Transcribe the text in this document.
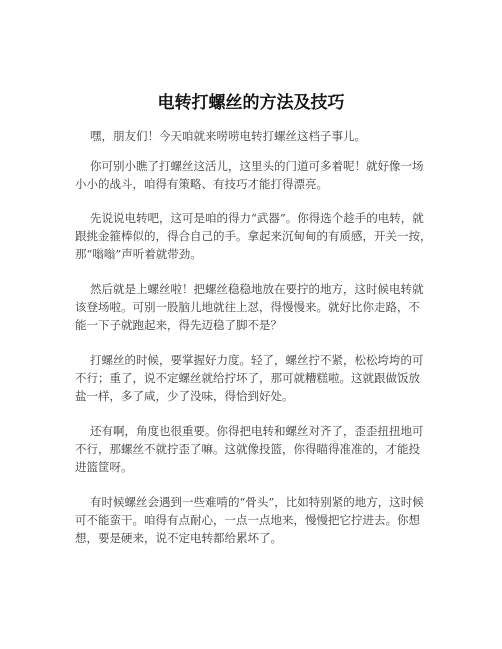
电转打螺丝的方法及技巧
嘿，朋友们！今天咱就来唠唠电转打螺丝这档子事儿。
你可别小瞧了打螺丝这活儿，这里头的门道可多着呢！就好像一场
小小的战斗，咱得有策略、有技巧才能打得漂亮。
先说说电转吧，这可是咱的得力“武器”。你得选个趁手的电转，就
跟挑金箍棒似的，得合自己的手。拿起来沉甸甸的有质感，开关一按，
那“嗡嗡”声听着就带劲。
然后就是上螺丝啦！把螺丝稳稳地放在要拧的地方，这时候电转就
该登场啦。可别一股脑儿地就往上怼，得慢慢来。就好比你走路，不
能一下子就跑起来，得先迈稳了脚不是？
打螺丝的时候，要掌握好力度。轻了，螺丝拧不紧，松松垮垮的可
不行；重了，说不定螺丝就给拧坏了，那可就糟糕啦。这就跟做饭放
盐一样，多了咸，少了没味，得恰到好处。
还有啊，角度也很重要。你得把电转和螺丝对齐了，歪歪扭扭地可
不行，那螺丝不就拧歪了嘛。这就像投篮，你得瞄得准准的，才能投
进篮筐呀。
有时候螺丝会遇到一些难啃的“骨头”，比如特别紧的地方，这时候
可不能蛮干。咱得有点耐心，一点一点地来，慢慢把它拧进去。你想
想，要是硬来，说不定电转都给累坏了。
